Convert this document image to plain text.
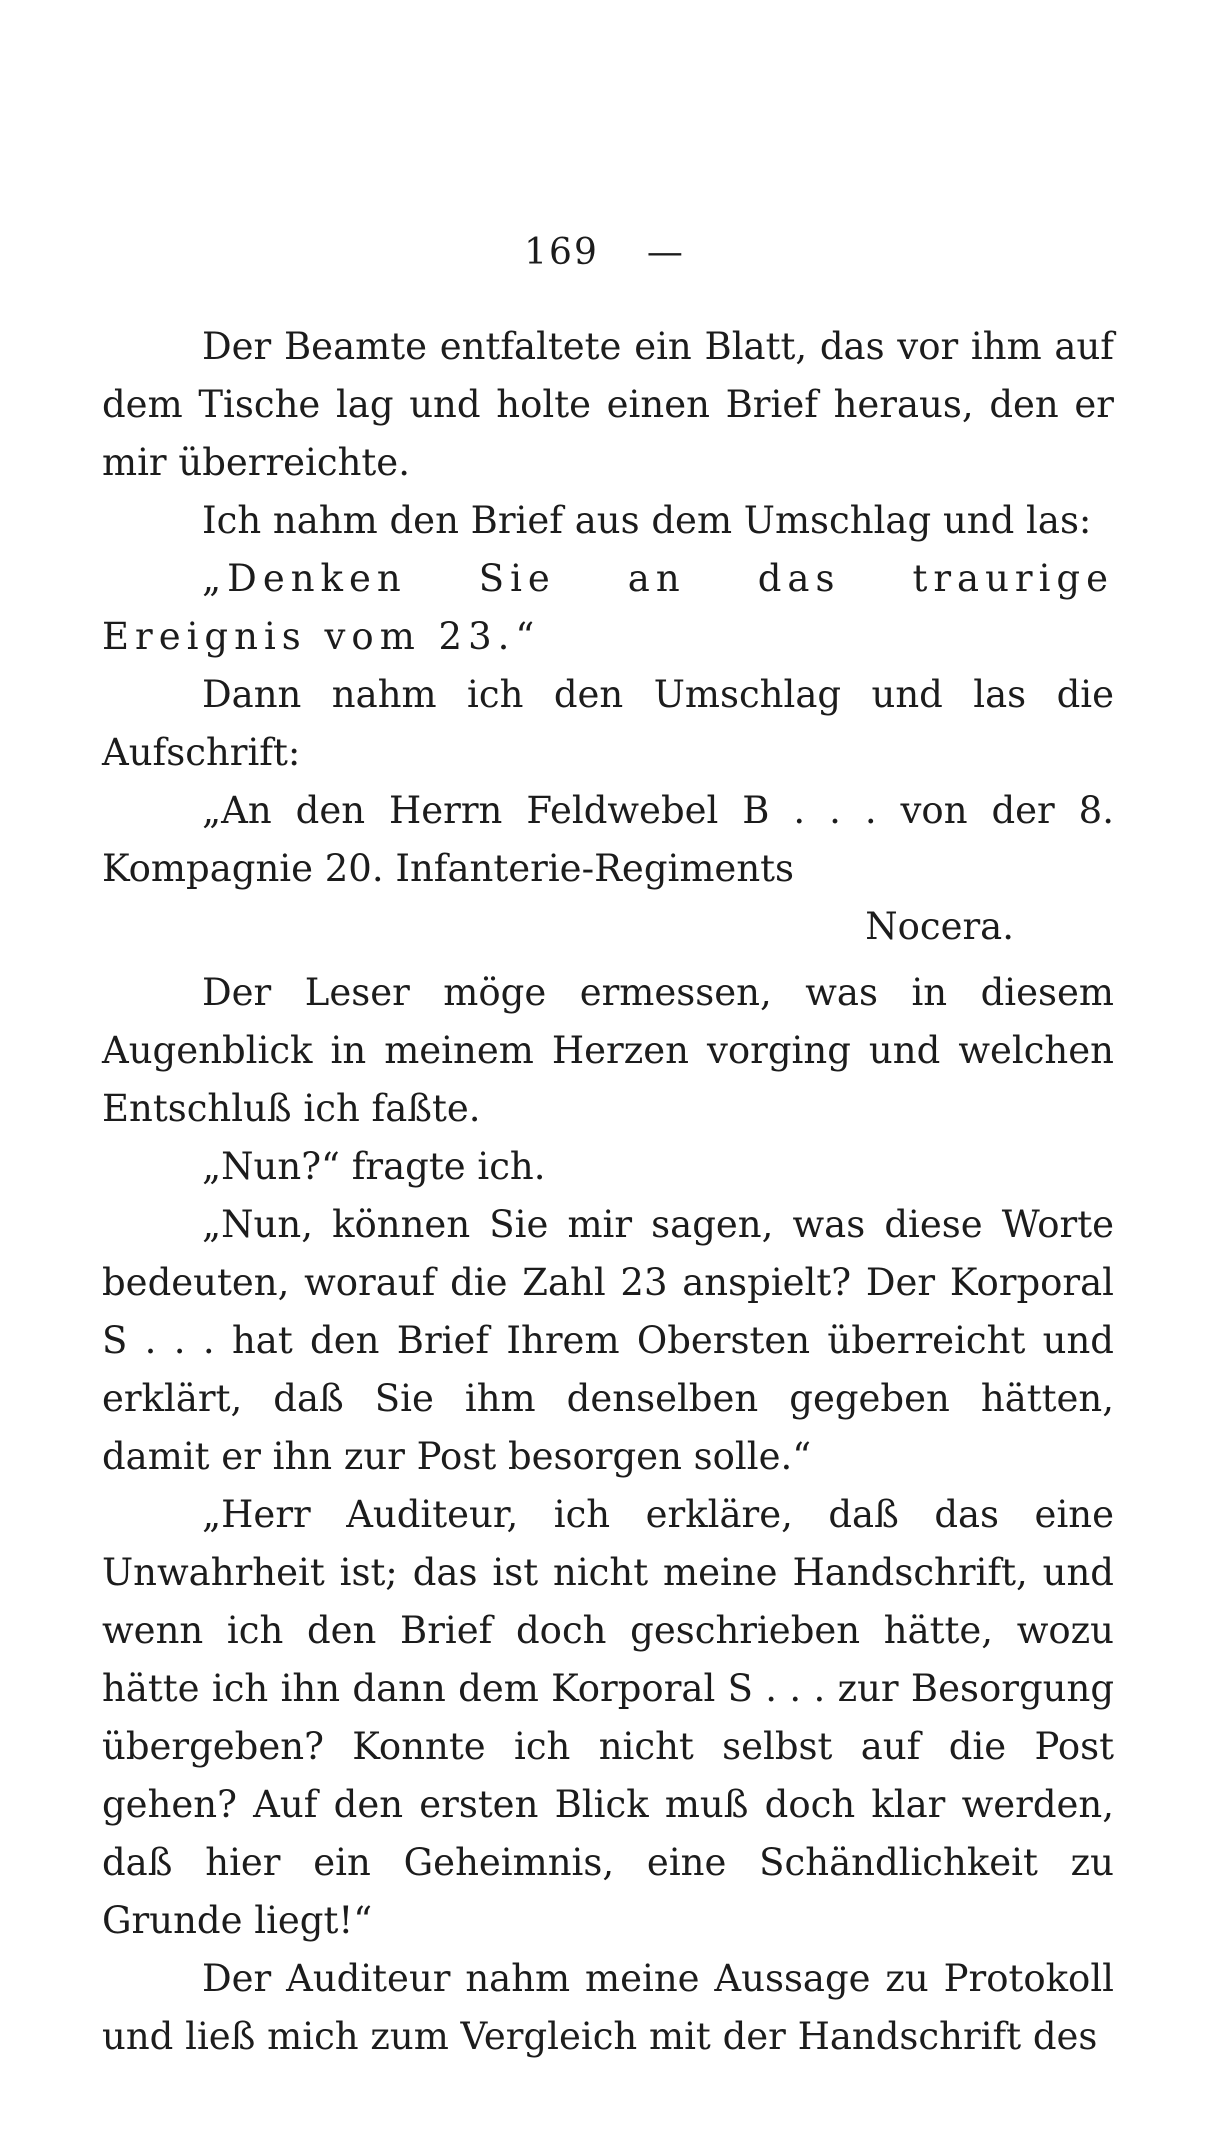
169 —

Der Beamte entfaltete ein Blatt, das vor ihm auf dem Tische lag und holte einen Brief heraus, den er mir überreichte.

Ich nahm den Brief aus dem Umschlag und las:

„Denken Sie an das traurige Ereignis vom 23.“

Dann nahm ich den Umschlag und las die Aufschrift:

„An den Herrn Feldwebel B . . . von der 8. Kompagnie 20. Infanterie-Regiments

Nocera.

Der Leser möge ermessen, was in diesem Augenblick in meinem Herzen vorging und welchen Entschluß ich faßte.

„Nun?“ fragte ich.

„Nun, können Sie mir sagen, was diese Worte bedeuten, worauf die Zahl 23 anspielt? Der Korporal S . . . hat den Brief Ihrem Obersten überreicht und erklärt, daß Sie ihm denselben gegeben hätten, damit er ihn zur Post besorgen solle.“

„Herr Auditeur, ich erkläre, daß das eine Unwahrheit ist; das ist nicht meine Handschrift, und wenn ich den Brief doch geschrieben hätte, wozu hätte ich ihn dann dem Korporal S . . . zur Besorgung übergeben? Konnte ich nicht selbst auf die Post gehen? Auf den ersten Blick muß doch klar werden, daß hier ein Geheimnis, eine Schändlichkeit zu Grunde liegt!“

Der Auditeur nahm meine Aussage zu Protokoll und ließ mich zum Vergleich mit der Handschrift des
